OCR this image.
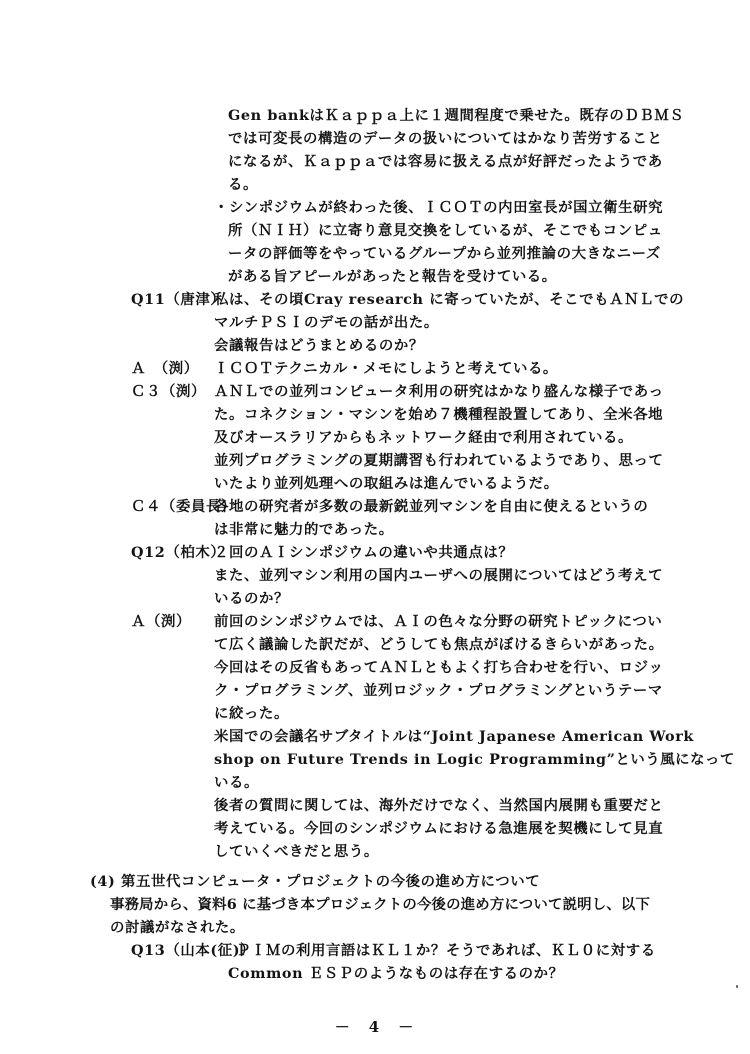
Gen bankはＫａｐｐａ上に１週間程度で乗せた。既存のＤＢＭＳ
では可変長の構造のデータの扱いについてはかなり苦労すること
になるが、Ｋａｐｐａでは容易に扱える点が好評だったようであ
る。
・シンポジウムが終わった後、ＩＣＯＴの内田室長が国立衛生研究
所（ＮＩＨ）に立寄り意見交換をしているが、そこでもコンピュ
ータの評価等をやっているグループから並列推論の大きなニーズ
がある旨アピールがあったと報告を受けている。
Q11（唐津）
私は、その頃Cray research に寄っていたが、そこでもＡＮＬでの
マルチＰＳＩのデモの話が出た。
会議報告はどうまとめるのか？
Ａ　（渕） ＩＣＯＴテクニカル・メモにしようと考えている。
Ｃ３（渕） ＡＮＬでの並列コンピュータ利用の研究はかなり盛んな様子であっ
た。コネクション・マシンを始め７機種程設置してあり、全米各地
及びオースラリアからもネットワーク経由で利用されている。
並列プログラミングの夏期講習も行われているようであり、思って
いたより並列処理への取組みは進んでいるようだ。
Ｃ４（委員長）
各地の研究者が多数の最新鋭並列マシンを自由に使えるというの
は非常に魅力的であった。
Q12（柏木）
２回のＡＩシンポジウムの違いや共通点は？
また、並列マシン利用の国内ユーザへの展開についてはどう考えて
いるのか？
Ａ（渕） 前回のシンポジウムでは、ＡＩの色々な分野の研究トピックについ
て広く議論した訳だが、どうしても焦点がぼけるきらいがあった。
今回はその反省もあってＡＮＬともよく打ち合わせを行い、ロジッ
ク・プログラミング、並列ロジック・プログラミングというテーマ
に絞った。
米国での会議名サブタイトルは“Joint Japanese American Work
shop on Future Trends in Logic Programming”という風になって
いる。
後者の質問に関しては、海外だけでなく、当然国内展開も重要だと
考えている。今回のシンポジウムにおける急進展を契機にして見直
していくべきだと思う。
(4) 第五世代コンピュータ・プロジェクトの今後の進め方について
事務局から、資料6 に基づき本プロジェクトの今後の進め方について説明し、以下
の討議がなされた。
Q13（山本(征)）
ＰＩＭの利用言語はＫＬ１か？そうであれば、ＫＬ０に対する
Common ＥＳＰのようなものは存在するのか？
－　4　－
